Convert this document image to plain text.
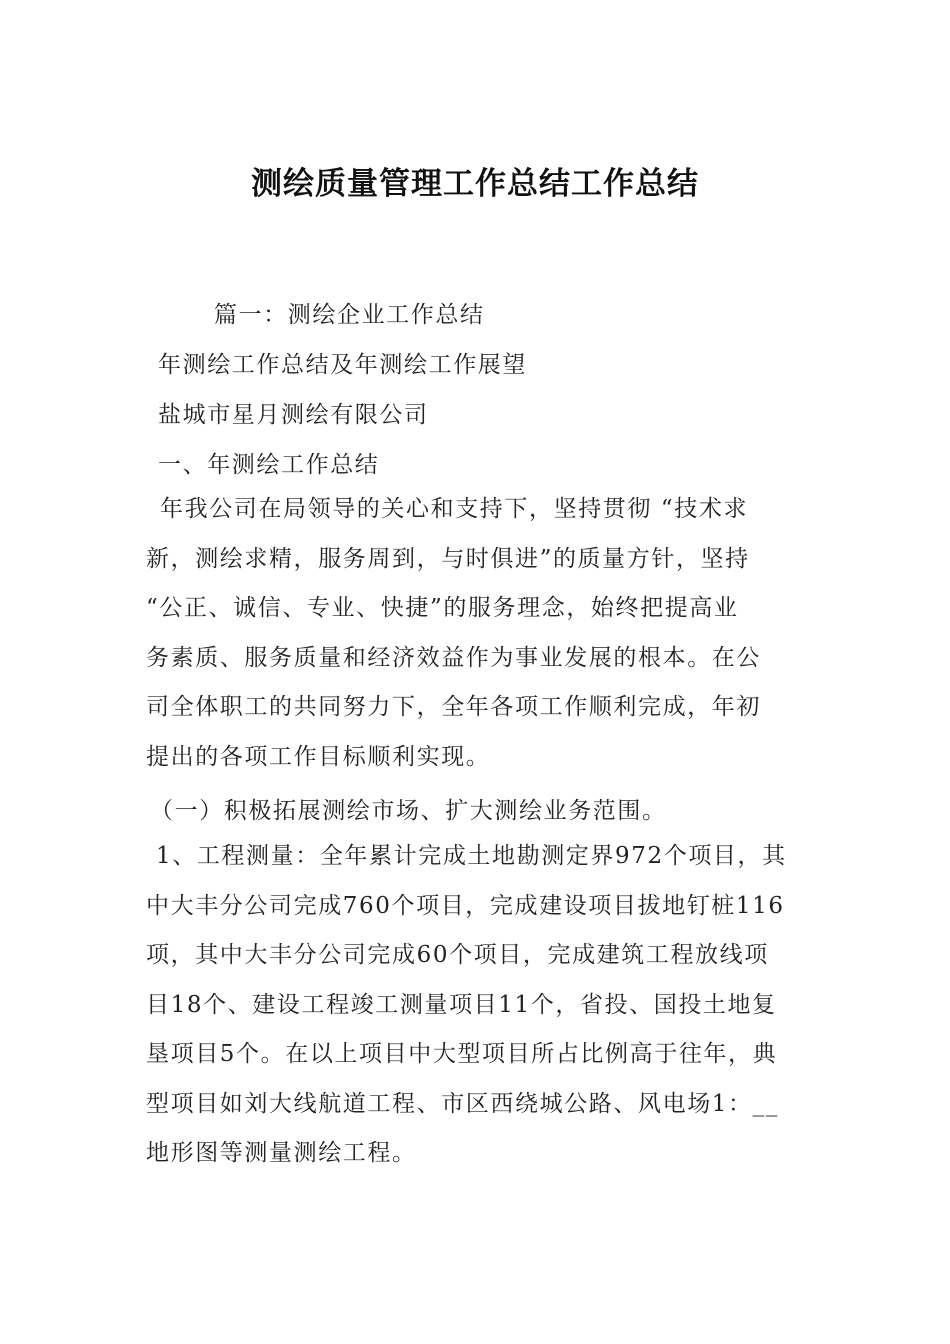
测绘质量管理工作总结工作总结
篇一：测绘企业工作总结
年测绘工作总结及年测绘工作展望
盐城市星月测绘有限公司
一、年测绘工作总结
年我公司在局领导的关心和支持下，坚持贯彻 “技术求
新，测绘求精，服务周到，与时俱进”的质量方针，坚持
“公正、诚信、专业、快捷”的服务理念，始终把提高业
务素质、服务质量和经济效益作为事业发展的根本。在公
司全体职工的共同努力下，全年各项工作顺利完成，年初
提出的各项工作目标顺利实现。
（一）积极拓展测绘市场、扩大测绘业务范围。
1、工程测量：全年累计完成土地勘测定界972个项目，其
中大丰分公司完成760个项目，完成建设项目拔地钉桩116
项，其中大丰分公司完成60个项目，完成建筑工程放线项
目18个、建设工程竣工测量项目11个，省投、国投土地复
垦项目5个。在以上项目中大型项目所占比例高于往年，典
型项目如刘大线航道工程、市区西绕城公路、风电场1：__
地形图等测量测绘工程。
